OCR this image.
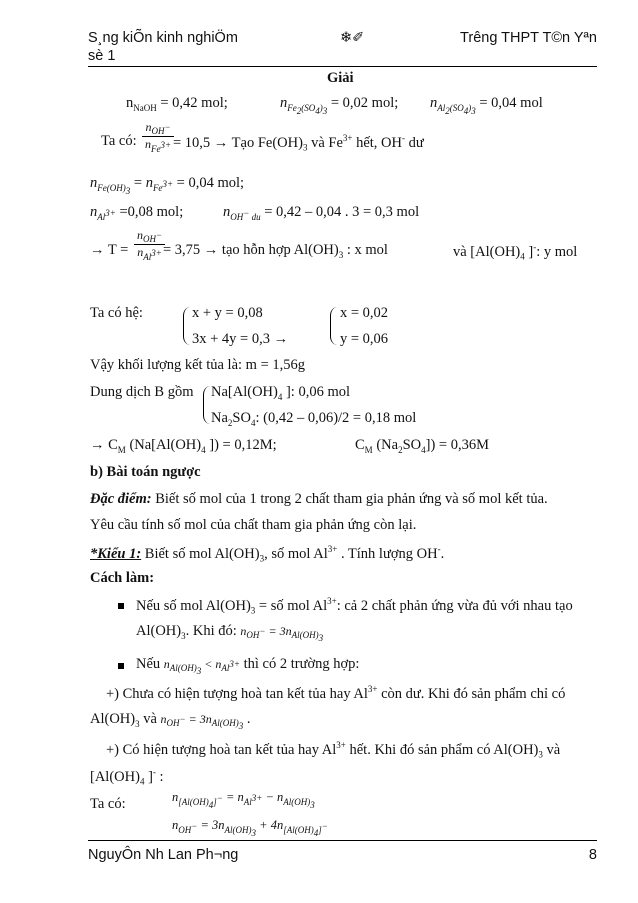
S¸ng kiÕn kinh nghiÖm
sè 1
❄︎✐	Trêng THPT T©n Yªn
Giải
$n_{NaOH} = 0,42$ mol;	$n_{Fe_2(SO_4)_3} = 0,02$ mol; $n_{Al_2(SO_4)_3} = 0,04$ mol
Ta có: $\frac{n_{OH^-}}{n_{Fe^{3+}}}$
= 10,5 → Tạo $Fe(OH)_3$ và $Fe^{3+}$ hết, OH- dư
$n_{Fe(OH)_3} = n_{Fe^{3+}} = 0,04$ mol;
$n_{Al^{3+}} =0,08$ mol;	$n_{OH^- du} = 0,42 - 0,04$ . 3 = 0,3 mol
→ $T = \frac{n_{OH^-}}{n_{Al^{3+}}}$
= 3,75 → tạo hỗn hợp $Al(OH)_3$ : x mol	và [$Al(OH)_4$ ]-: y mol
Ta có hệ:	x + y = 0,08
3x + 4y = 0,3 →
x = 0,02
y = 0,06
Vậy khối lượng kết tủa là: m = 1,56g
Dung dịch B gồm $Na[Al(OH)_4$ ]: 0,06 mol
$Na_2SO_4$: (0,42 – 0,06)/2 = 0,18 mol
→ $C_M$ ($Na[Al(OH)_4$ ]) = 0,12M;	$C_M$ $(Na_2SO_4]) = 0,36M$
b) Bài toán ngược
Đặc điểm: Biết số mol của 1 trong 2 chất tham gia phản ứng và số mol kết tủa.
Yêu cầu tính số mol của chất tham gia phản ứng còn lại.
*Kiểu 1: Biết số mol $Al(OH)_3$, số mol $Al^{3+}$ . Tính lượng OH-.
Cách làm:
Nếu số mol $Al(OH)_3$ = số mol $Al^{3+}$: cả 2 chất phản ứng vừa đủ với nhau tạo
$Al(OH)_3$. Khi đó: $n_{OH^-} = 3n_{Al(OH)_3}$
Nếu $n_{Al(OH)_3} < n_{Al^{3+}}$ thì có 2 trường hợp:
+) Chưa có hiện tượng hoà tan kết tủa hay $Al^{3+}$ còn dư. Khi đó sản phẩm chỉ có
$Al(OH)_3$ và $n_{OH^-} = 3n_{Al(OH)_3}$ .
+) Có hiện tượng hoà tan kết tủa hay $Al^{3+}$ hết. Khi đó sản phẩm có $Al(OH)_3$ và
[$Al(OH)_4$ ]- :
Ta có:	$n_{[Al(OH)_4]^-} = n_{Al^{3+}} - n_{Al(OH)_3}$
$n_{OH^-} = 3n_{Al(OH)_3} + 4n_{[Al(OH)_4]^-}$
NguyÔn Nh Lan Ph¬ng	8
